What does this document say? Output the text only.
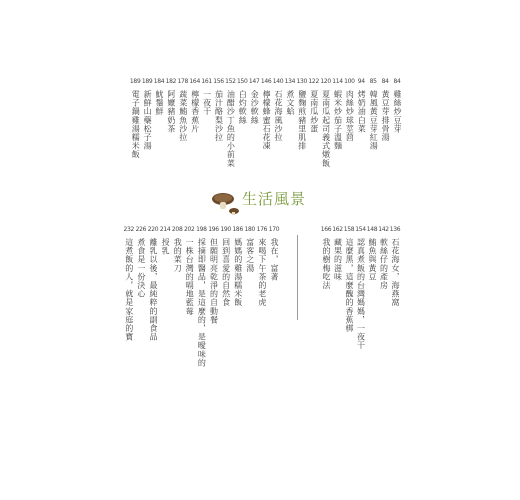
84
雞絲炒豆芽
84
黃豆芽排骨湯
85
韓風黃豆芽紅湯
94
烤奶油白菜
100
肉絲炒球莖茴
114
蝦米炒茄子溫麵
120
夏南瓜起司義式燉飯
122
夏南瓜炒蛋
130
鹽麴煎豬里肌排
134
煮文蛤
140
石花海風沙拉
146
檸檬蜂蜜石花凍
147
金沙軟絲
150
白灼軟絲
152
油醋沙丁魚的小前菜
156
茄汁酪梨沙拉
161
一夜干
164
檸檬香蕉片
178
蔬菜鮪魚沙拉
182
阿嬤豬奶茶
184
魷鬚鮮
189
新鮮山藥松子湯
189
電子鍋雞湯糯米飯
生活風景
136
石花海女，海燕窩
142
軟絲仔的產房
148
鮪魚與黃豆
154
認真煮飯的台灣媽媽，一夜干
158
這麼黑，這麼醜的香蕉梆
162
藏果的滋味
166
我的樹梅吃法
170
我在，富著
176
來喝下午茶的老虎
180
富客之湯
186
媽媽的雞湯糯米飯
190
回到喜愛的自然食
196
但願明亮乾淨的自動餐
198
採摘即醫品，是這麼的，是曖味的
202
一株台灣的嗝地藍莓
208
我的菜刀
214
授乳
220
離乳以後，最純粹的副食品
226
煮食是一份決心
232
這煮飯的人，就是家庭的寶
